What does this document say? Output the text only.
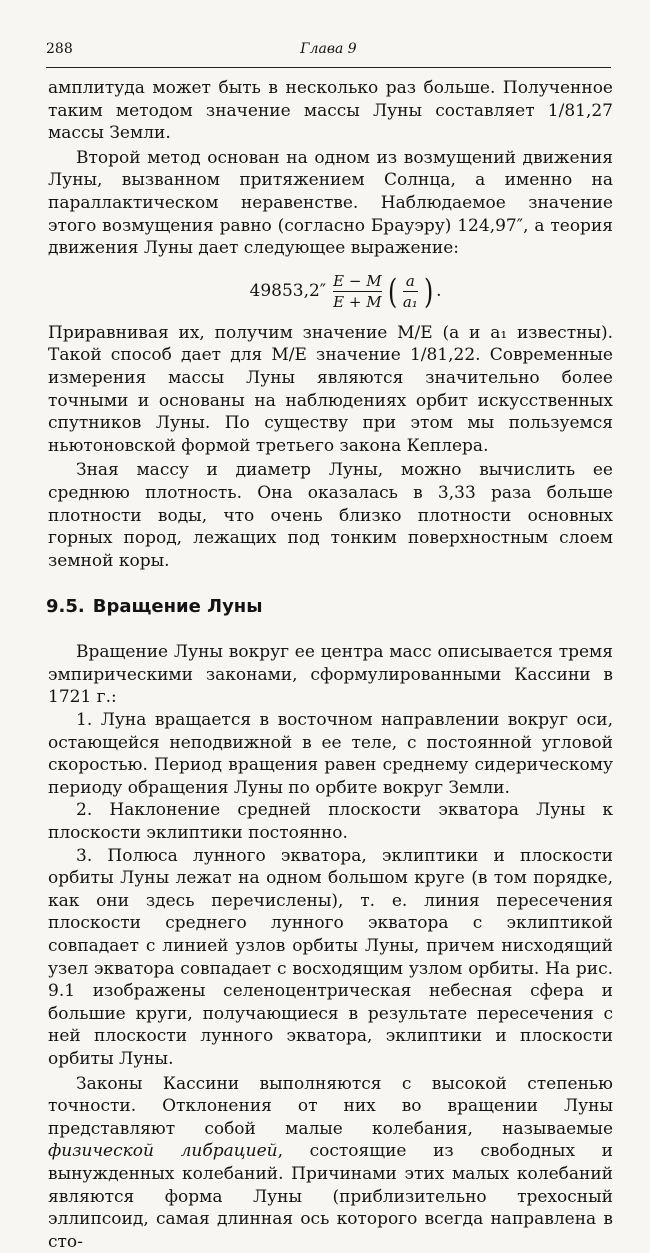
288	Глава 9

амплитуда может быть в несколько раз больше. Полученное таким методом значение массы Луны составляет 1/81,27 массы Земли.

Второй метод основан на одном из возмущений движения Луны, вызванном притяжением Солнца, а именно на параллактическом неравенстве. Наблюдаемое значение этого возмущения равно (согласно Брауэру) 124,97″, а теория движения Луны дает следующее выражение:

$49853,2'' \frac{E - M}{E + M}$ ( $\frac{a}{\text{a₁}}$ ) .

Приравнивая их, получим значение M/E (a и a₁ известны). Такой способ дает для M/E значение 1/81,22. Современные измерения массы Луны являются значительно более точными и основаны на наблюдениях орбит искусственных спутников Луны. По существу при этом мы пользуемся ньютоновской формой третьего закона Кеплера.

Зная массу и диаметр Луны, можно вычислить ее среднюю плотность. Она оказалась в 3,33 раза больше плотности воды, что очень близко плотности основных горных пород, лежащих под тонким поверхностным слоем земной коры.

9.5. Вращение Луны

Вращение Луны вокруг ее центра масс описывается тремя эмпирическими законами, сформулированными Кассини в 1721 г.:

1. Луна вращается в восточном направлении вокруг оси, остающейся неподвижной в ее теле, с постоянной угловой скоростью. Период вращения равен среднему сидерическому периоду обращения Луны по орбите вокруг Земли.

2. Наклонение средней плоскости экватора Луны к плоскости эклиптики постоянно.

3. Полюса лунного экватора, эклиптики и плоскости орбиты Луны лежат на одном большом круге (в том порядке, как они здесь перечислены), т. е. линия пересечения плоскости среднего лунного экватора с эклиптикой совпадает с линией узлов орбиты Луны, причем нисходящий узел экватора совпадает с восходящим узлом орбиты. На рис. 9.1 изображены селеноцентрическая небесная сфера и большие круги, получающиеся в результате пересечения с ней плоскости лунного экватора, эклиптики и плоскости орбиты Луны.

Законы Кассини выполняются с высокой степенью точности. Отклонения от них во вращении Луны представляют собой малые колебания, называемые физической либрацией, состоящие из свободных и вынужденных колебаний. Причинами этих малых колебаний являются форма Луны (приблизительно трехосный эллипсоид, самая длинная ось которого всегда направлена в сто-
